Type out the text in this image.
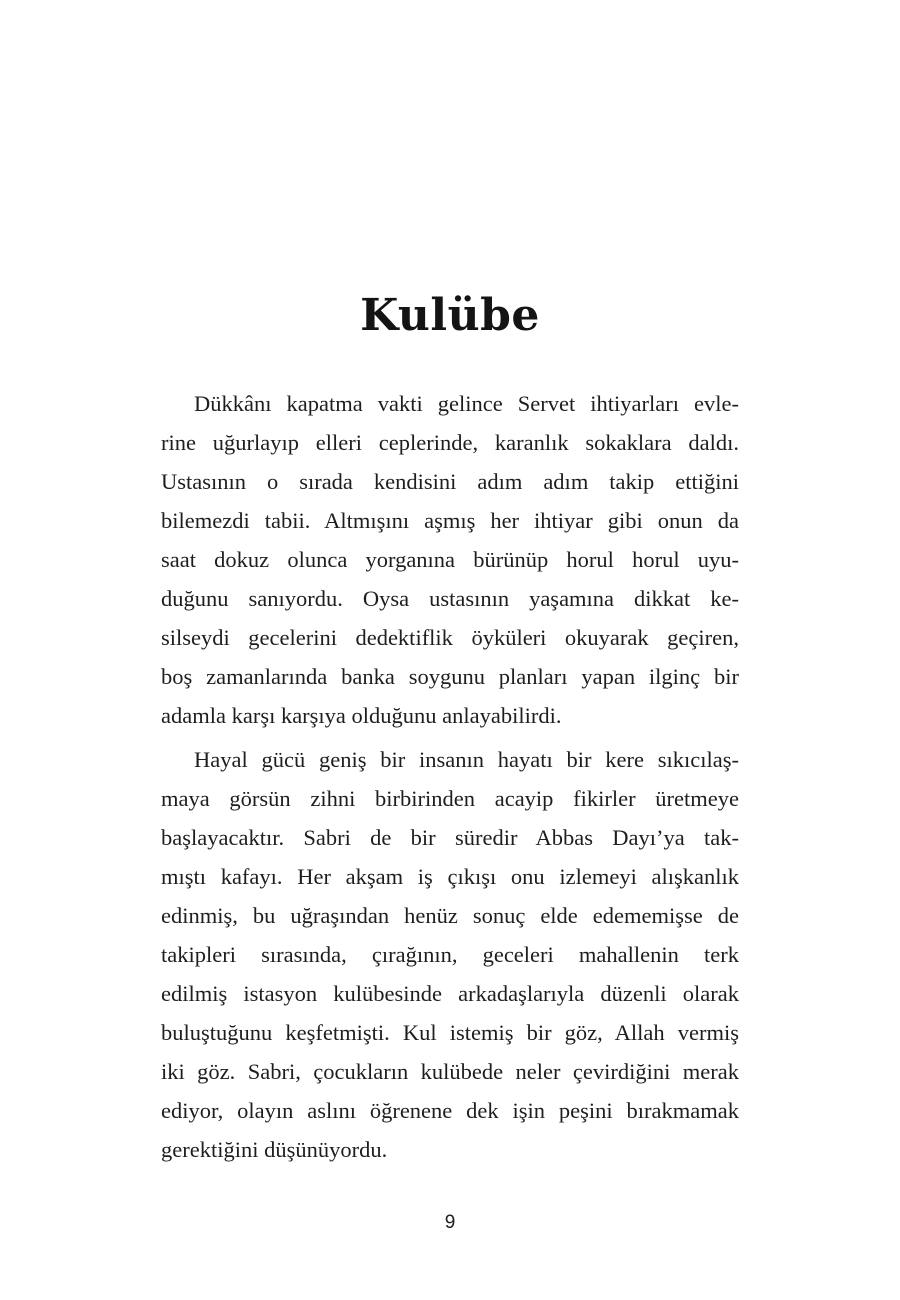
Kulübe

Dükkânı kapatma vakti gelince Servet ihtiyarları evle-
rine uğurlayıp elleri ceplerinde, karanlık sokaklara daldı.
Ustasının o sırada kendisini adım adım takip ettiğini
bilemezdi tabii. Altmışını aşmış her ihtiyar gibi onun da
saat dokuz olunca yorganına bürünüp horul horul uyu-
duğunu sanıyordu. Oysa ustasının yaşamına dikkat ke-
silseydi gecelerini dedektiflik öyküleri okuyarak geçiren,
boş zamanlarında banka soygunu planları yapan ilginç bir
adamla karşı karşıya olduğunu anlayabilirdi.

Hayal gücü geniş bir insanın hayatı bir kere sıkıcılaş-
maya görsün zihni birbirinden acayip fikirler üretmeye
başlayacaktır. Sabri de bir süredir Abbas Dayı’ya tak-
mıştı kafayı. Her akşam iş çıkışı onu izlemeyi alışkanlık
edinmiş, bu uğraşından henüz sonuç elde edememişse de
takipleri sırasında, çırağının, geceleri mahallenin terk
edilmiş istasyon kulübesinde arkadaşlarıyla düzenli olarak
buluştuğunu keşfetmişti. Kul istemiş bir göz, Allah vermiş
iki göz. Sabri, çocukların kulübede neler çevirdiğini merak
ediyor, olayın aslını öğrenene dek işin peşini bırakmamak
gerektiğini düşünüyordu.

9
